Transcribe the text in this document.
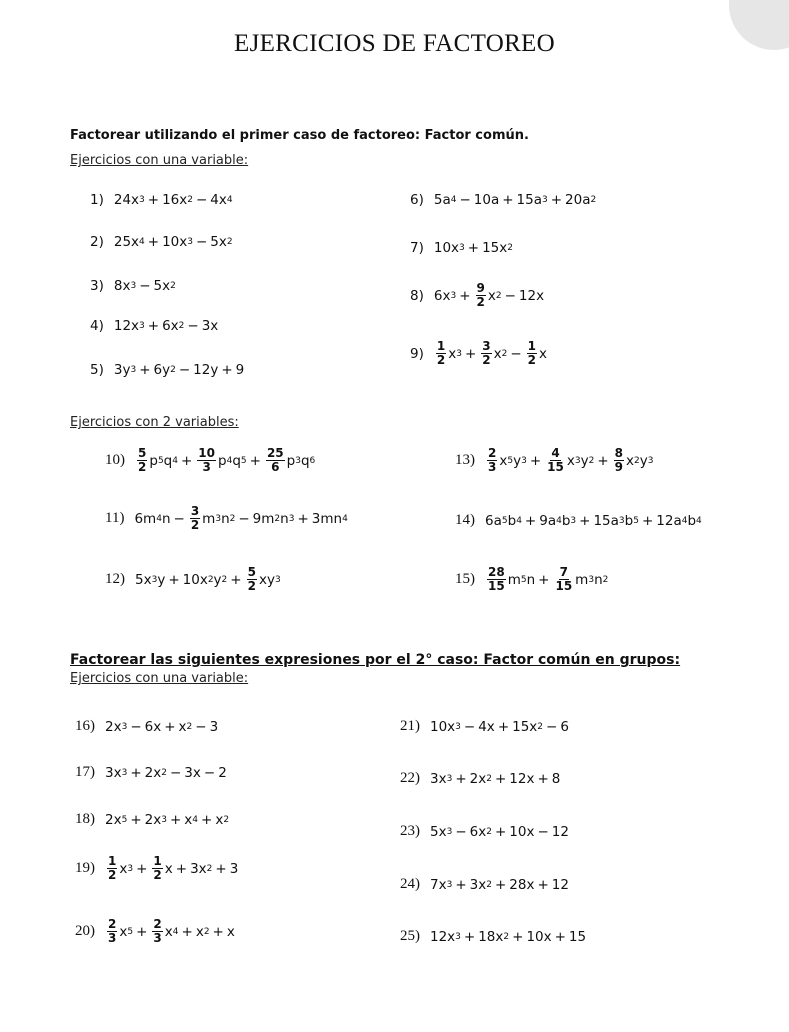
EJERCICIOS DE FACTOREO
Factorear utilizando el primer caso de factoreo: Factor común.
Ejercicios con una variable:
1) 24x 3 + 16x 2 − 4x 4
2) 25x 4 + 10x 3 − 5x 2
3) 8x 3 − 5x 2
4) 12x 3 + 6x 2 − 3x
5) 3y 3 + 6y 2 − 12y + 9
6) 5a 4 − 10a + 15a 3 + 20a 2
7) 10x 3 + 15x 2
8) 6x $3 + \frac{9}{2}$ x 2 − 12x
$9) \frac{1}{2}$ x $3 + \frac{3}{2}$ x $2 - \frac{1}{2}$ x
Ejercicios con 2 variables:
$10) \frac{5}{2}$ p 5 q $4 + \frac{10}{3}$ p 4 q $5 + \frac{25}{6}$ p 3 q 6
11) 6m 4 $n - \frac{3}{2}$ m 3 n 2 − 9m 2 n 3 + 3mn 4
12) 5x 3 y + 10x 2 y $2 + \frac{5}{2}$ xy 3
$13) \frac{2}{3}$ x 5 y $3 + \frac{4}{15}$ x 3 y $2 + \frac{8}{9}$ x 2 y 3
14) 6a 5 b 4 + 9a 4 b 3 + 15a 3 b 5 + 12a 4 b 4
$15) \frac{28}{15}$ m 5 $n + \frac{7}{15}$ m 3 n 2
Factorear las siguientes expresiones por el 2° caso: Factor común en grupos:
Ejercicios con una variable:
16) 2x 3 − 6x + x 2 − 3
17) 3x 3 + 2x 2 − 3x − 2
18) 2x 5 + 2x 3 + x 4 + x 2
$19) \frac{1}{2}$ x $3 + \frac{1}{2}$ x + 3x 2 + 3
$20) \frac{2}{3}$ x $5 + \frac{2}{3}$ x 4 + x 2 + x
21) 10x 3 − 4x + 15x 2 − 6
22) 3x 3 + 2x 2 + 12x + 8
23) 5x 3 − 6x 2 + 10x − 12
24) 7x 3 + 3x 2 + 28x + 12
25) 12x 3 + 18x 2 + 10x + 15
